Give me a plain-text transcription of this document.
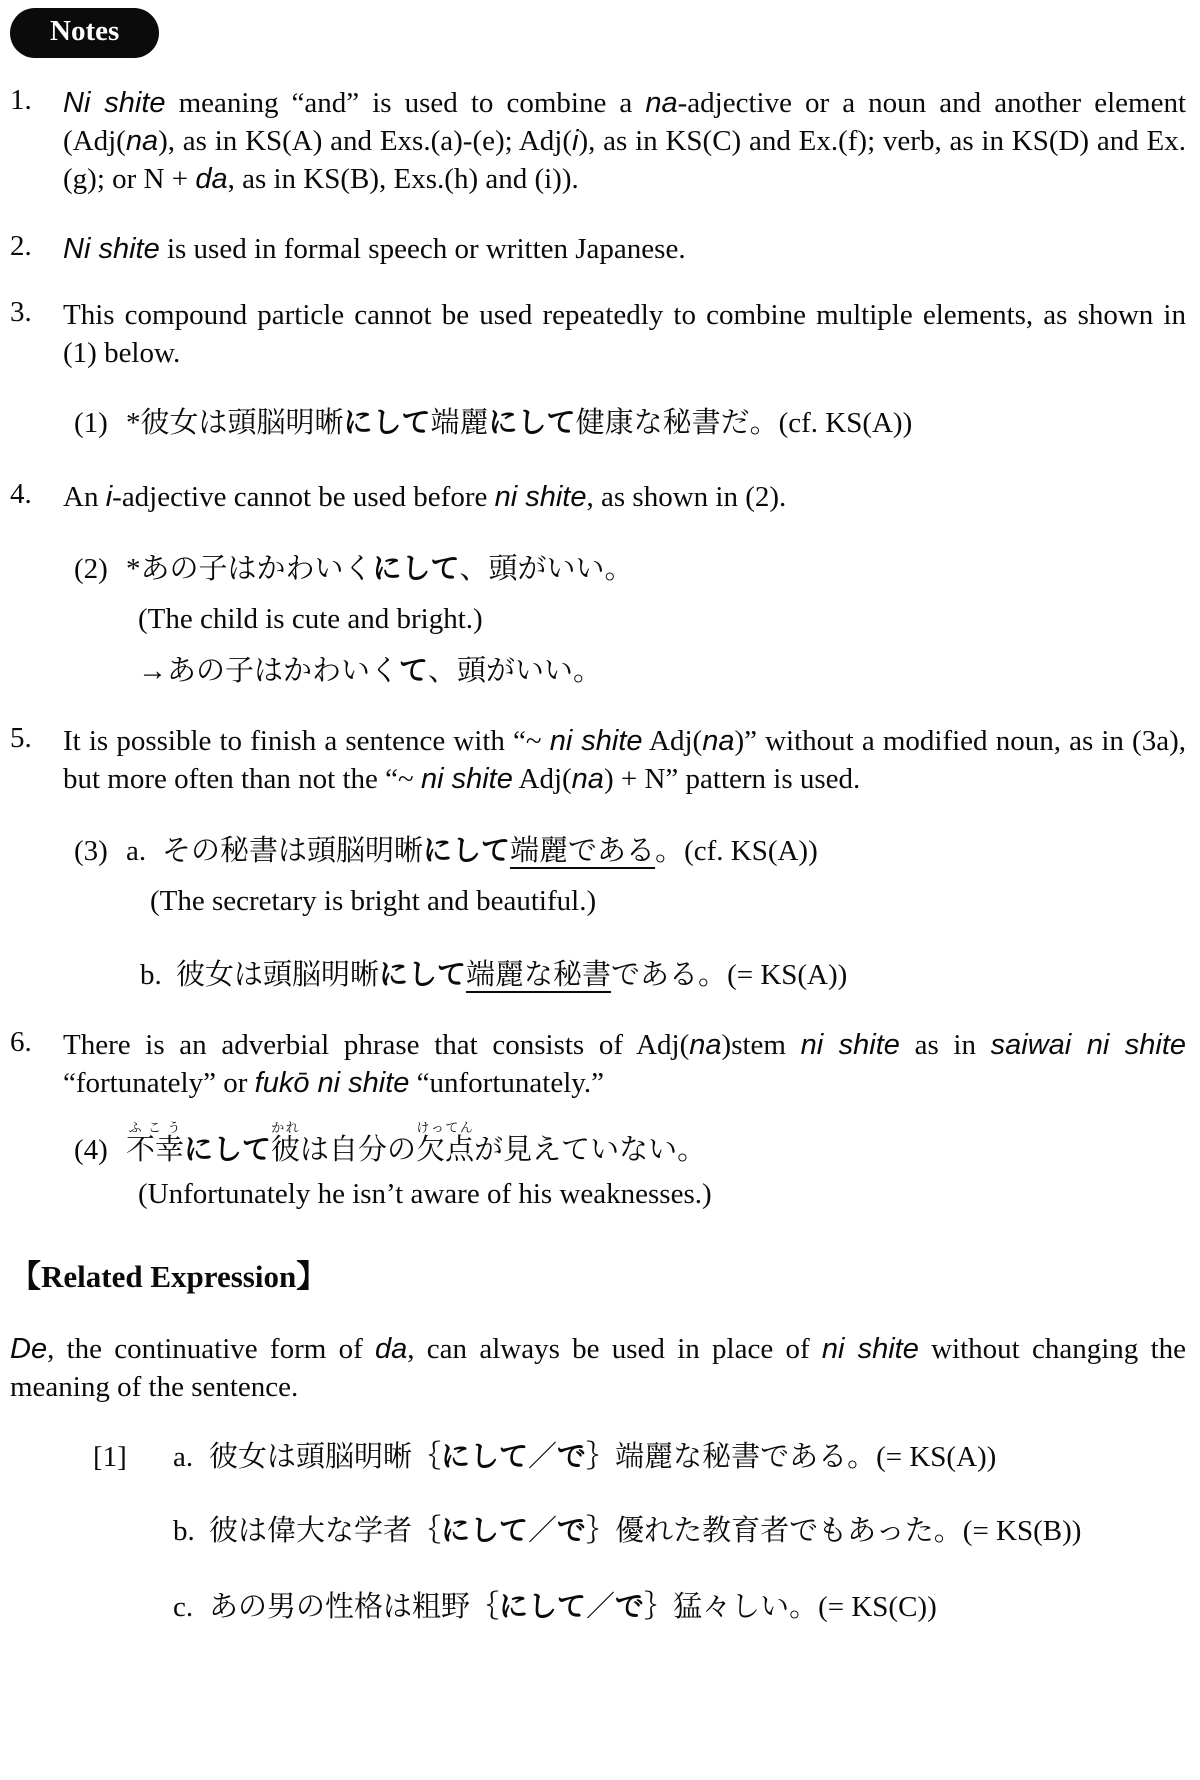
Notes
1.	Ni shite meaning “and” is used to combine a na-adjective or a noun and another element (Adj(na), as in KS(A) and Exs.(a)-(e); Adj(i), as in KS(C) and Ex.(f); verb, as in KS(D) and Ex.(g); or N + da, as in KS(B), Exs.(h) and (i)).
2.	Ni shite is used in formal speech or written Japanese.
3.	This compound particle cannot be used repeatedly to combine multiple elements, as shown in (1) below.
(1) *彼女は頭脳明晰にして端麗にして健康な秘書だ。(cf. KS(A))
4.	An i-adjective cannot be used before ni shite, as shown in (2).
(2) *あの子はかわいくにして、頭がいい。
(The child is cute and bright.)
→あの子はかわいくて、頭がいい。
5.	It is possible to finish a sentence with “~ ni shite Adj(na)” without a modified noun, as in (3a), but more often than not the “~ ni shite Adj(na) + N” pattern is used.
(3) a. その秘書は頭脳明晰にして端麗である。(cf. KS(A))
(The secretary is bright and beautiful.)
b. 彼女は頭脳明晰にして端麗な秘書である。(= KS(A))
6.	There is an adverbial phrase that consists of Adj(na)stem ni shite as in saiwai ni shite “fortunately” or fukō ni shite “unfortunately.”
(4) 不幸ふこうにして彼かれは自分の欠点けってんが見えていない。
(Unfortunately he isn’t aware of his weaknesses.)
【Related Expression】
De, the continuative form of da, can always be used in place of ni shite without changing the meaning of the sentence.
[1] a. 彼女は頭脳明晰｛にして／で｝端麗な秘書である。(= KS(A))
b. 彼は偉大な学者｛にして／で｝優れた教育者でもあった。(= KS(B))
c. あの男の性格は粗野｛にして／で｝猛々しい。(= KS(C))
